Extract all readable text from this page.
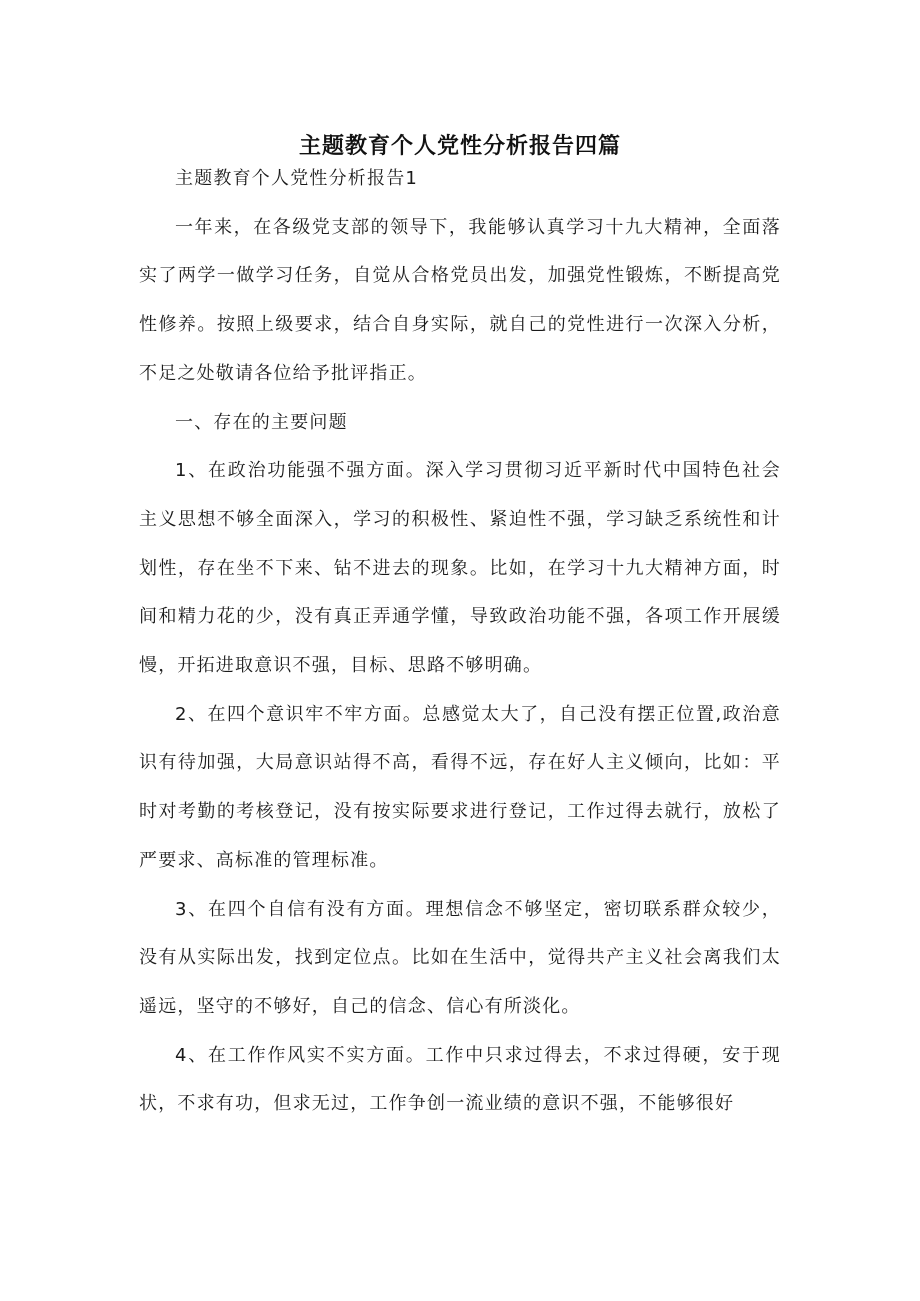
主题教育个人党性分析报告四篇

主题教育个人党性分析报告1

一年来，在各级党支部的领导下，我能够认真学习十九大精神，全面落实了两学一做学习任务，自觉从合格党员出发，加强党性锻炼，不断提高党性修养。按照上级要求，结合自身实际，就自己的党性进行一次深入分析，不足之处敬请各位给予批评指正。

一、存在的主要问题

1、在政治功能强不强方面。深入学习贯彻习近平新时代中国特色社会主义思想不够全面深入，学习的积极性、紧迫性不强，学习缺乏系统性和计划性，存在坐不下来、钻不进去的现象。比如，在学习十九大精神方面，时间和精力花的少，没有真正弄通学懂，导致政治功能不强，各项工作开展缓慢，开拓进取意识不强，目标、思路不够明确。

2、在四个意识牢不牢方面。总感觉太大了，自己没有摆正位置,政治意识有待加强，大局意识站得不高，看得不远，存在好人主义倾向，比如：平时对考勤的考核登记，没有按实际要求进行登记，工作过得去就行，放松了严要求、高标准的管理标准。

3、在四个自信有没有方面。理想信念不够坚定，密切联系群众较少，没有从实际出发，找到定位点。比如在生活中，觉得共产主义社会离我们太遥远，坚守的不够好，自己的信念、信心有所淡化。

4、在工作作风实不实方面。工作中只求过得去，不求过得硬，安于现状，不求有功，但求无过，工作争创一流业绩的意识不强，不能够很好
